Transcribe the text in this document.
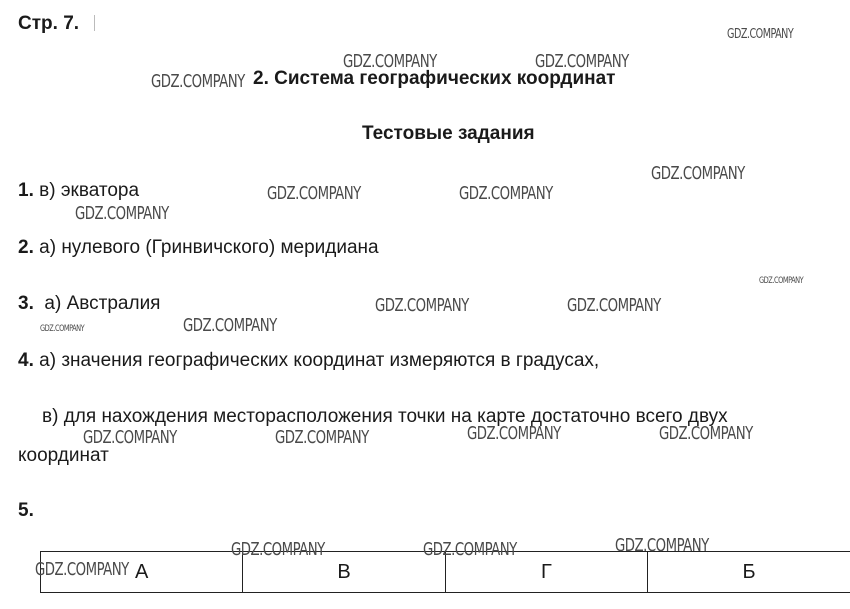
Стр. 7.
2. Система географических координат
Тестовые задания
1. в) экватора
2. а) нулевого (Гринвичского) меридиана
3. а) Австралия
4. а) значения географических координат измеряются в градусах,
в) для нахождения месторасположения точки на карте достаточно всего двух
координат
5.
А	В	Г	Б
GDZ.COMPANY
GDZ.COMPANY	GDZ.COMPANY
GDZ.COMPANY
GDZ.COMPANY
GDZ.COMPANY	GDZ.COMPANY
GDZ.COMPANY
GDZ.COMPANY
GDZ.COMPANY	GDZ.COMPANY
GDZ.COMPANY	GDZ.COMPANY
GDZ.COMPANY	GDZ.COMPANY	GDZ.COMPANY	GDZ.COMPANY
GDZ.COMPANY	GDZ.COMPANY	GDZ.COMPANY
GDZ.COMPANY
